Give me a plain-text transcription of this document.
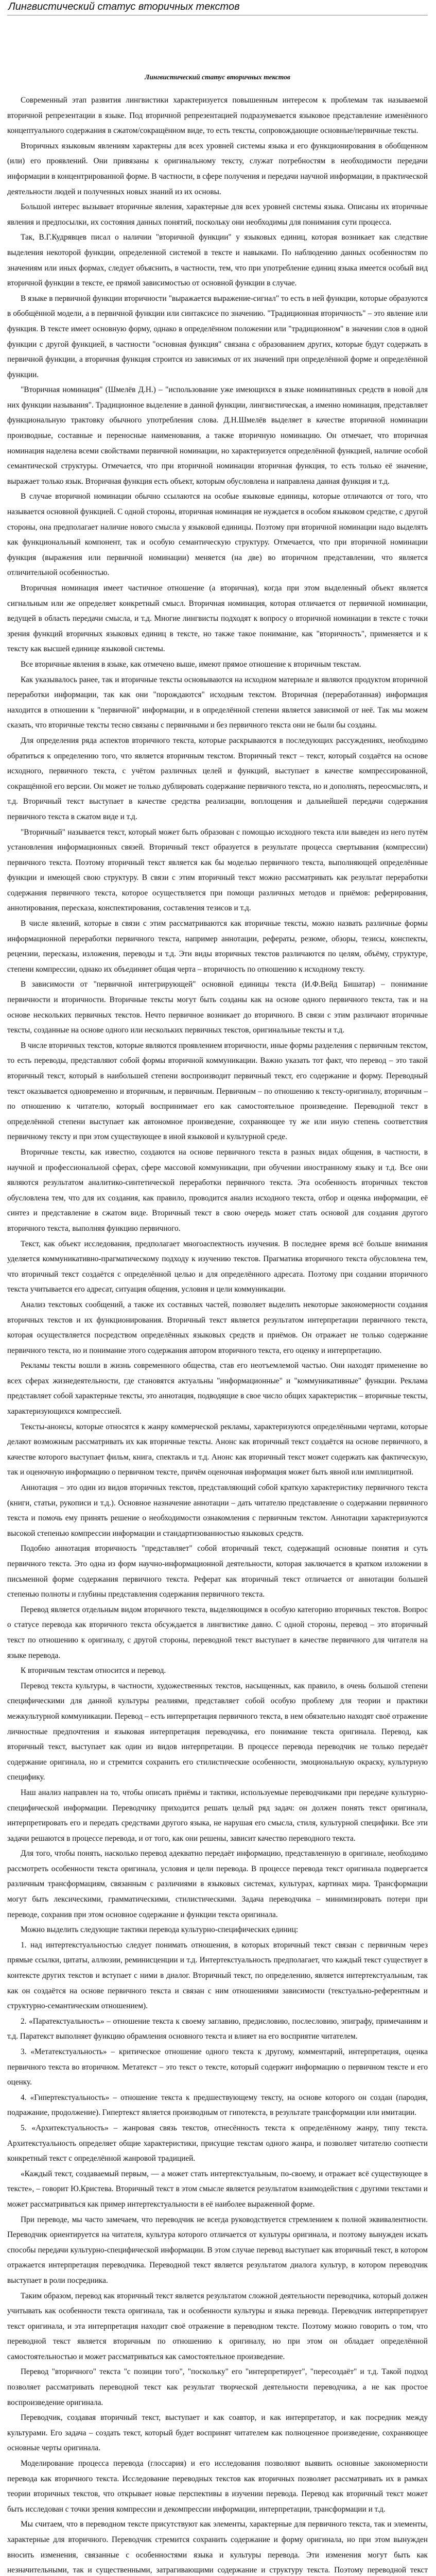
Лингвистический статус вторичных текстов
Лингвистический статус вторичных текстов

Современный этап развития лингвистики характеризуется повышенным интересом к проблемам так называемой вторичной репрезентации в языке. Под вторичной репрезентацией подразумевается языковое представление изменённого концептуального содержания в сжатом/сокращённом виде, то есть тексты, сопровождающие основные/первичные тексты.

Вторичных языковым явлениям характерны для всех уровней системы языка и его функционирования в обобщенном (или) его проявлений. Они привязаны к оригинальному тексту, служат потребностям в необходимости передачи информации в концентрированной форме. В частности, в сфере получения и передачи научной информации, в практической деятельности людей и полученных новых знаний из их основы.

Большой интерес вызывает вторичные явления, характерные для всех уровней системы языка. Описаны их вторичные явления и предпосылки, их состояния данных понятий, поскольку они необходимы для понимания сути процесса.

Так, В.Г.Кудрявцев писал о наличии "вторичной функции" у языковых единиц, которая возникает как следствие выделения некоторой функции, определенной системой в тексте и навыками. По наблюдению данных особенностям по значениям или иных формах, следует объяснить, в частности, тем, что при употребление единиц языка имеется особый вид вторичной функции в тексте, ее прямой зависимостью от основной функции в случае.

В языке в первичной функции вторичности "выражается выражение-сигнал" то есть в ней функции, которые образуются в обобщённой модели, а в первичной функции или синтаксисе по значению. "Традиционная вторичность" – это явление или функция. В тексте имеет основную форму, однако в определённом положении или "традиционном" в значении слов в одной функции с другой функцией, в частности "основная функция" связана с образованием других, которые будут содержать в первичной функции, а вторичная функция строится из зависимых от их значений при определённой форме и определённой функции.

"Вторичная номинация" (Шмелёв Д.Н.) – "использование уже имеющихся в языке номинативных средств в новой для них функции называния". Традиционное выделение в данной функции, лингвистическая, а именно номинация, представляет функциональную трактовку обычного употребления слова. Д.Н.Шмелёв выделяет в качестве вторичной номинации производные, составные и переносные наименования, а также вторичную номинацию. Он отмечает, что вторичная номинация наделена всеми свойствами первичной номинации, но характеризуется определённой функцией, наличие особой семантической структуры. Отмечается, что при вторичной номинации вторичная функция, то есть только её значение, выражает только язык. Вторичная функция есть объект, которым обусловлена и направлена данная функция и т.д.

В случае вторичной номинации обычно ссылаются на особые языковые единицы, которые отличаются от того, что называется основной функцией. С одной стороны, вторичная номинация не нуждается в особом языковом средстве, с другой стороны, она предполагает наличие нового смысла у языковой единицы. Поэтому при вторичной номинации надо выделять как функциональный компонент, так и особую семантическую структуру. Отмечается, что при вторичной номинации функция (выражения или первичной номинации) меняется (на две) во вторичном представлении, что является отличительной особенностью.

Вторичная номинация имеет частичное отношение (а вторичная), когда при этом выделенный объект является сигнальным или же определяет конкретный смысл. Вторичная номинация, которая отличается от первичной номинации, ведущей в область передачи смысла, и т.д. Многие лингвисты подходят к вопросу о вторичной номинации в тексте с точки зрения функций вторичных языковых единиц в тексте, но также такое понимание, как "вторичность", применяется и к тексту как высшей единице языковой системы.

Все вторичные явления в языке, как отмечено выше, имеют прямое отношение к вторичным текстам.

Как указывалось ранее, так и вторичные тексты основываются на исходном материале и являются продуктом вторичной переработки информации, так как они "порождаются" исходным текстом. Вторичная (переработанная) информация находится в отношении к "первичной" информации, и в определённой степени является зависимой от неё. Так мы можем сказать, что вторичные тексты тесно связаны с первичными и без первичного текста они не были бы созданы.

Для определения ряда аспектов вторичного текста, которые раскрываются в последующих рассуждениях, необходимо обратиться к определению того, что является вторичным текстом. Вторичный текст – текст, который создаётся на основе исходного, первичного текста, с учётом различных целей и функций, выступает в качестве компрессированной, сокращённой его версии. Он может не только дублировать содержание первичного текста, но и дополнять, переосмыслять, и т.д. Вторичный текст выступает в качестве средства реализации, воплощения и дальнейшей передачи содержания первичного текста в сжатом виде и т.д.

"Вторичный" называется текст, который может быть образован с помощью исходного текста или выведен из него путём установления информационных связей. Вторичный текст образуется в результате процесса свертывания (компрессии) первичного текста. Поэтому вторичный текст является как бы моделью первичного текста, выполняющей определённые функции и имеющей свою структуру. В связи с этим вторичный текст можно рассматривать как результат переработки содержания первичного текста, которое осуществляется при помощи различных методов и приёмов: реферирования, аннотирования, пересказа, конспектирования, составления тезисов и т.д.

В числе явлений, которые в связи с этим рассматриваются как вторичные тексты, можно назвать различные формы информационной переработки первичного текста, например аннотации, рефераты, резюме, обзоры, тезисы, конспекты, рецензии, пересказы, изложения, переводы и т.д. Эти виды вторичных текстов различаются по целям, объёму, структуре, степени компрессии, однако их объединяет общая черта – вторичность по отношению к исходному тексту.

В зависимости от "первичной интегрирующей" основной единицы текста (И.Ф.Вейд Бишатар) – понимание первичности и вторичности. Вторичные тексты могут быть созданы как на основе одного первичного текста, так и на основе нескольких первичных текстов. Нечто первичное возникает до вторичного. В связи с этим различают вторичные тексты, созданные на основе одного или нескольких первичных текстов, оригинальные тексты и т.д.

В числе вторичных текстов, которые являются проявлением вторичности, иные формы разделения с первичным текстом, то есть переводы, представляют собой формы вторичной коммуникации. Важно указать тот факт, что перевод – это такой вторичный текст, который в наибольшей степени воспроизводит первичный текст, его содержание и форму. Переводный текст оказывается одновременно и вторичным, и первичным. Первичным – по отношению к тексту-оригиналу, вторичным – по отношению к читателю, который воспринимает его как самостоятельное произведение. Переводной текст в определённой степени выступает как автономное произведение, сохраняющее ту же или иную степень соответствия первичному тексту и при этом существующее в иной языковой и культурной среде.

Вторичные тексты, как известно, создаются на основе первичного текста в разных видах общения, в частности, в научной и профессиональной сферах, сфере массовой коммуникации, при обучении иностранному языку и т.д. Все они являются результатом аналитико-синтетической переработки первичного текста. Эта особенность вторичных текстов обусловлена тем, что для их создания, как правило, проводится анализ исходного текста, отбор и оценка информации, её синтез и представление в сжатом виде. Вторичный текст в свою очередь может стать основой для создания другого вторичного текста, выполняя функцию первичного.

Текст, как объект исследования, предполагает многоаспектность изучения. В последнее время всё больше внимания уделяется коммуникативно-прагматическому подходу к изучению текстов. Прагматика вторичного текста обусловлена тем, что вторичный текст создаётся с определённой целью и для определённого адресата. Поэтому при создании вторичного текста учитывается его адресат, ситуация общения, условия и цели коммуникации.

Анализ текстовых сообщений, а также их составных частей, позволяет выделить некоторые закономерности создания вторичных текстов и их функционирования. Вторичный текст является результатом интерпретации первичного текста, которая осуществляется посредством определённых языковых средств и приёмов. Он отражает не только содержание первичного текста, но и понимание этого содержания автором вторичного текста, его оценку и интерпретацию.

Рекламы тексты вошли в жизнь современного общества, став его неотъемлемой частью. Они находят применение во всех сферах жизнедеятельности, где становятся актуальны "информационные" и "коммуникативные" функции. Реклама представляет собой характерные тексты, это аннотация, подводящие в свое число общих характеристик – вторичные тексты, характеризующихся компрессией.

Тексты-анонсы, которые относятся к жанру коммерческой рекламы, характеризуются определёнными чертами, которые делают возможным рассматривать их как вторичные тексты. Анонс как вторичный текст создаётся на основе первичного, в качестве которого выступает фильм, книга, спектакль и т.д. Анонс как вторичный текст может содержать как фактическую, так и оценочную информацию о первичном тексте, причём оценочная информация может быть явной или имплицитной.

Аннотация – это один из видов вторичных текстов, представляющий собой краткую характеристику первичного текста (книги, статьи, рукописи и т.д.). Основное назначение аннотации – дать читателю представление о содержании первичного текста и помочь ему принять решение о необходимости ознакомления с первичным текстом. Аннотации характеризуются высокой степенью компрессии информации и стандартизованностью языковых средств.

Подобно аннотация вторичность "представляет" собой вторичный текст, содержащий основные понятия и суть первичного текста. Это одна из форм научно-информационной деятельности, которая заключается в кратком изложении в письменной форме содержания первичного текста. Реферат как вторичный текст отличается от аннотации большей степенью полноты и глубины представления содержания первичного текста.

Перевод является отдельным видом вторичного текста, выделяющимся в особую категорию вторичных текстов. Вопрос о статусе перевода как вторичного текста обсуждается в лингвистике давно. С одной стороны, перевод – это вторичный текст по отношению к оригиналу, с другой стороны, переводной текст выступает в качестве первичного для читателя на языке перевода.

К вторичным текстам относится и перевод.

Перевод текста культуры, в частности, художественных текстов, насыщенных, как правило, в очень большой степени специфическими для данной культуры реалиями, представляет собой особую проблему для теории и практики межкультурной коммуникации. Перевод – есть интерпретация первичного текста, в нем обязательно находят своё отражение личностные предпочтения и языковая интерпретация переводчика, его понимание текста оригинала. Перевод, как вторичный текст, выступает как один из видов интерпретации. В процессе перевода переводчик не только передаёт содержание оригинала, но и стремится сохранить его стилистические особенности, эмоциональную окраску, культурную специфику.

Наш анализ направлен на то, чтобы описать приёмы и тактики, используемые переводчиками при передаче культурно-специфической информации. Переводчику приходится решать целый ряд задач: он должен понять текст оригинала, интерпретировать его и передать средствами другого языка, не нарушая его смысла, стиля, культурной специфики. Все эти задачи решаются в процессе перевода, и от того, как они решены, зависит качество переводного текста.

Для того, чтобы понять, насколько перевод адекватно передаёт информацию, представленную в оригинале, необходимо рассмотреть особенности текста оригинала, условия и цели перевода. В процессе перевода текст оригинала подвергается различным трансформациям, связанным с различиями в языковых системах, культурах, картинах мира. Трансформации могут быть лексическими, грамматическими, стилистическими. Задача переводчика – минимизировать потери при переводе, сохранив при этом основное содержание и функции текста оригинала.

Можно выделить следующие тактики перевода культурно-специфических единиц:

1. над интертекстуальностью следует понимать отношения, в которых вторичный текст связан с первичным через прямые ссылки, цитаты, аллюзии, реминисценции и т.д. Интертекстуальность предполагает, что каждый текст существует в контексте других текстов и вступает с ними в диалог. Вторичный текст, по определению, является интертекстуальным, так как он создаётся на основе первичного текста и связан с ним отношениями зависимости (текстуально-референтным и структурно-семантическим отношением).

2. «Паратекстуальность» – отношение текста к своему заглавию, предисловию, послесловию, эпиграфу, примечаниям и т.д. Паратекст выполняет функцию обрамления основного текста и влияет на его восприятие читателем.

3. «Метатекстуальность» – критическое отношение одного текста к другому, комментарий, интерпретация, оценка первичного текста во вторичном. Метатекст – это текст о тексте, который содержит информацию о первичном тексте и его оценку.

4. «Гипертекстуальность» – отношение текста к предшествующему тексту, на основе которого он создан (пародия, подражание, продолжение). Гипертекст является производным от гипотекста, в результате трансформации или имитации.

5. «Архитекстуальность» – жанровая связь текстов, отнесённость текста к определённому жанру, типу текста. Архитекстуальность определяет общие характеристики, присущие текстам одного жанра, и позволяет читателю соотнести конкретный текст с определённой жанровой традицией.

«Каждый текст, создаваемый первым, — а может стать интертекстуальным, по-своему, и отражает всё существующее в тексте», – говорит Ю.Кристева. Вторичный текст в этом смысле является результатом взаимодействия с другими текстами и может рассматриваться как пример интертекстуальности в её наиболее выраженной форме.

При переводе, мы часто замечаем, что переводчик не всегда руководствуется стремлением к полной эквивалентности. Переводчик ориентируется на читателя, культура которого отличается от культуры оригинала, и поэтому вынужден искать способы передачи культурно-специфической информации. В этом случае перевод выступает как вторичный текст, в котором отражается интерпретация переводчика. Переводной текст является результатом диалога культур, в котором переводчик выступает в роли посредника.

Таким образом, перевод как вторичный текст является результатом сложной деятельности переводчика, который должен учитывать как особенности текста оригинала, так и особенности культуры и языка перевода. Переводчик интерпретирует текст оригинала, и эта интерпретация находит своё отражение в переводном тексте. Поэтому можно говорить о том, что переводной текст является вторичным по отношению к оригиналу, но при этом он обладает определённой самостоятельностью и может рассматриваться как самостоятельное произведение.

Перевод "вторичного" текста "с позиции того", "поскольку" его "интерпретирует", "пересоздаёт" и т.д. Такой подход позволяет рассматривать переводной текст как результат творческой деятельности переводчика, а не как простое воспроизведение оригинала.

Переводчик, создавая вторичный текст, выступает и как соавтор, и как интерпретатор, и как посредник между культурами. Его задача – создать текст, который будет воспринят читателем как полноценное произведение, сохраняющее основные черты оригинала.

Моделирование процесса перевода (глоссария) и его исследования позволяют выявить основные закономерности перевода как вторичного текста. Исследование переводных текстов как вторичных позволяет рассматривать их в рамках теории вторичных текстов, что открывает новые перспективы в изучении перевода. Перевод как вторичный текст может быть исследован с точки зрения компрессии и декомпрессии информации, интерпретации, трансформации и т.д.

Мы считаем, что в переводном тексте присутствуют как элементы, характерные для первичного текста, так и элементы, характерные для вторичного. Переводчик стремится сохранить содержание и форму оригинала, но при этом вынужден вносить изменения, связанные с особенностями языка и культуры перевода. Эти изменения могут быть как незначительными, так и существенными, затрагивающими содержание и структуру текста. Поэтому переводной текст
